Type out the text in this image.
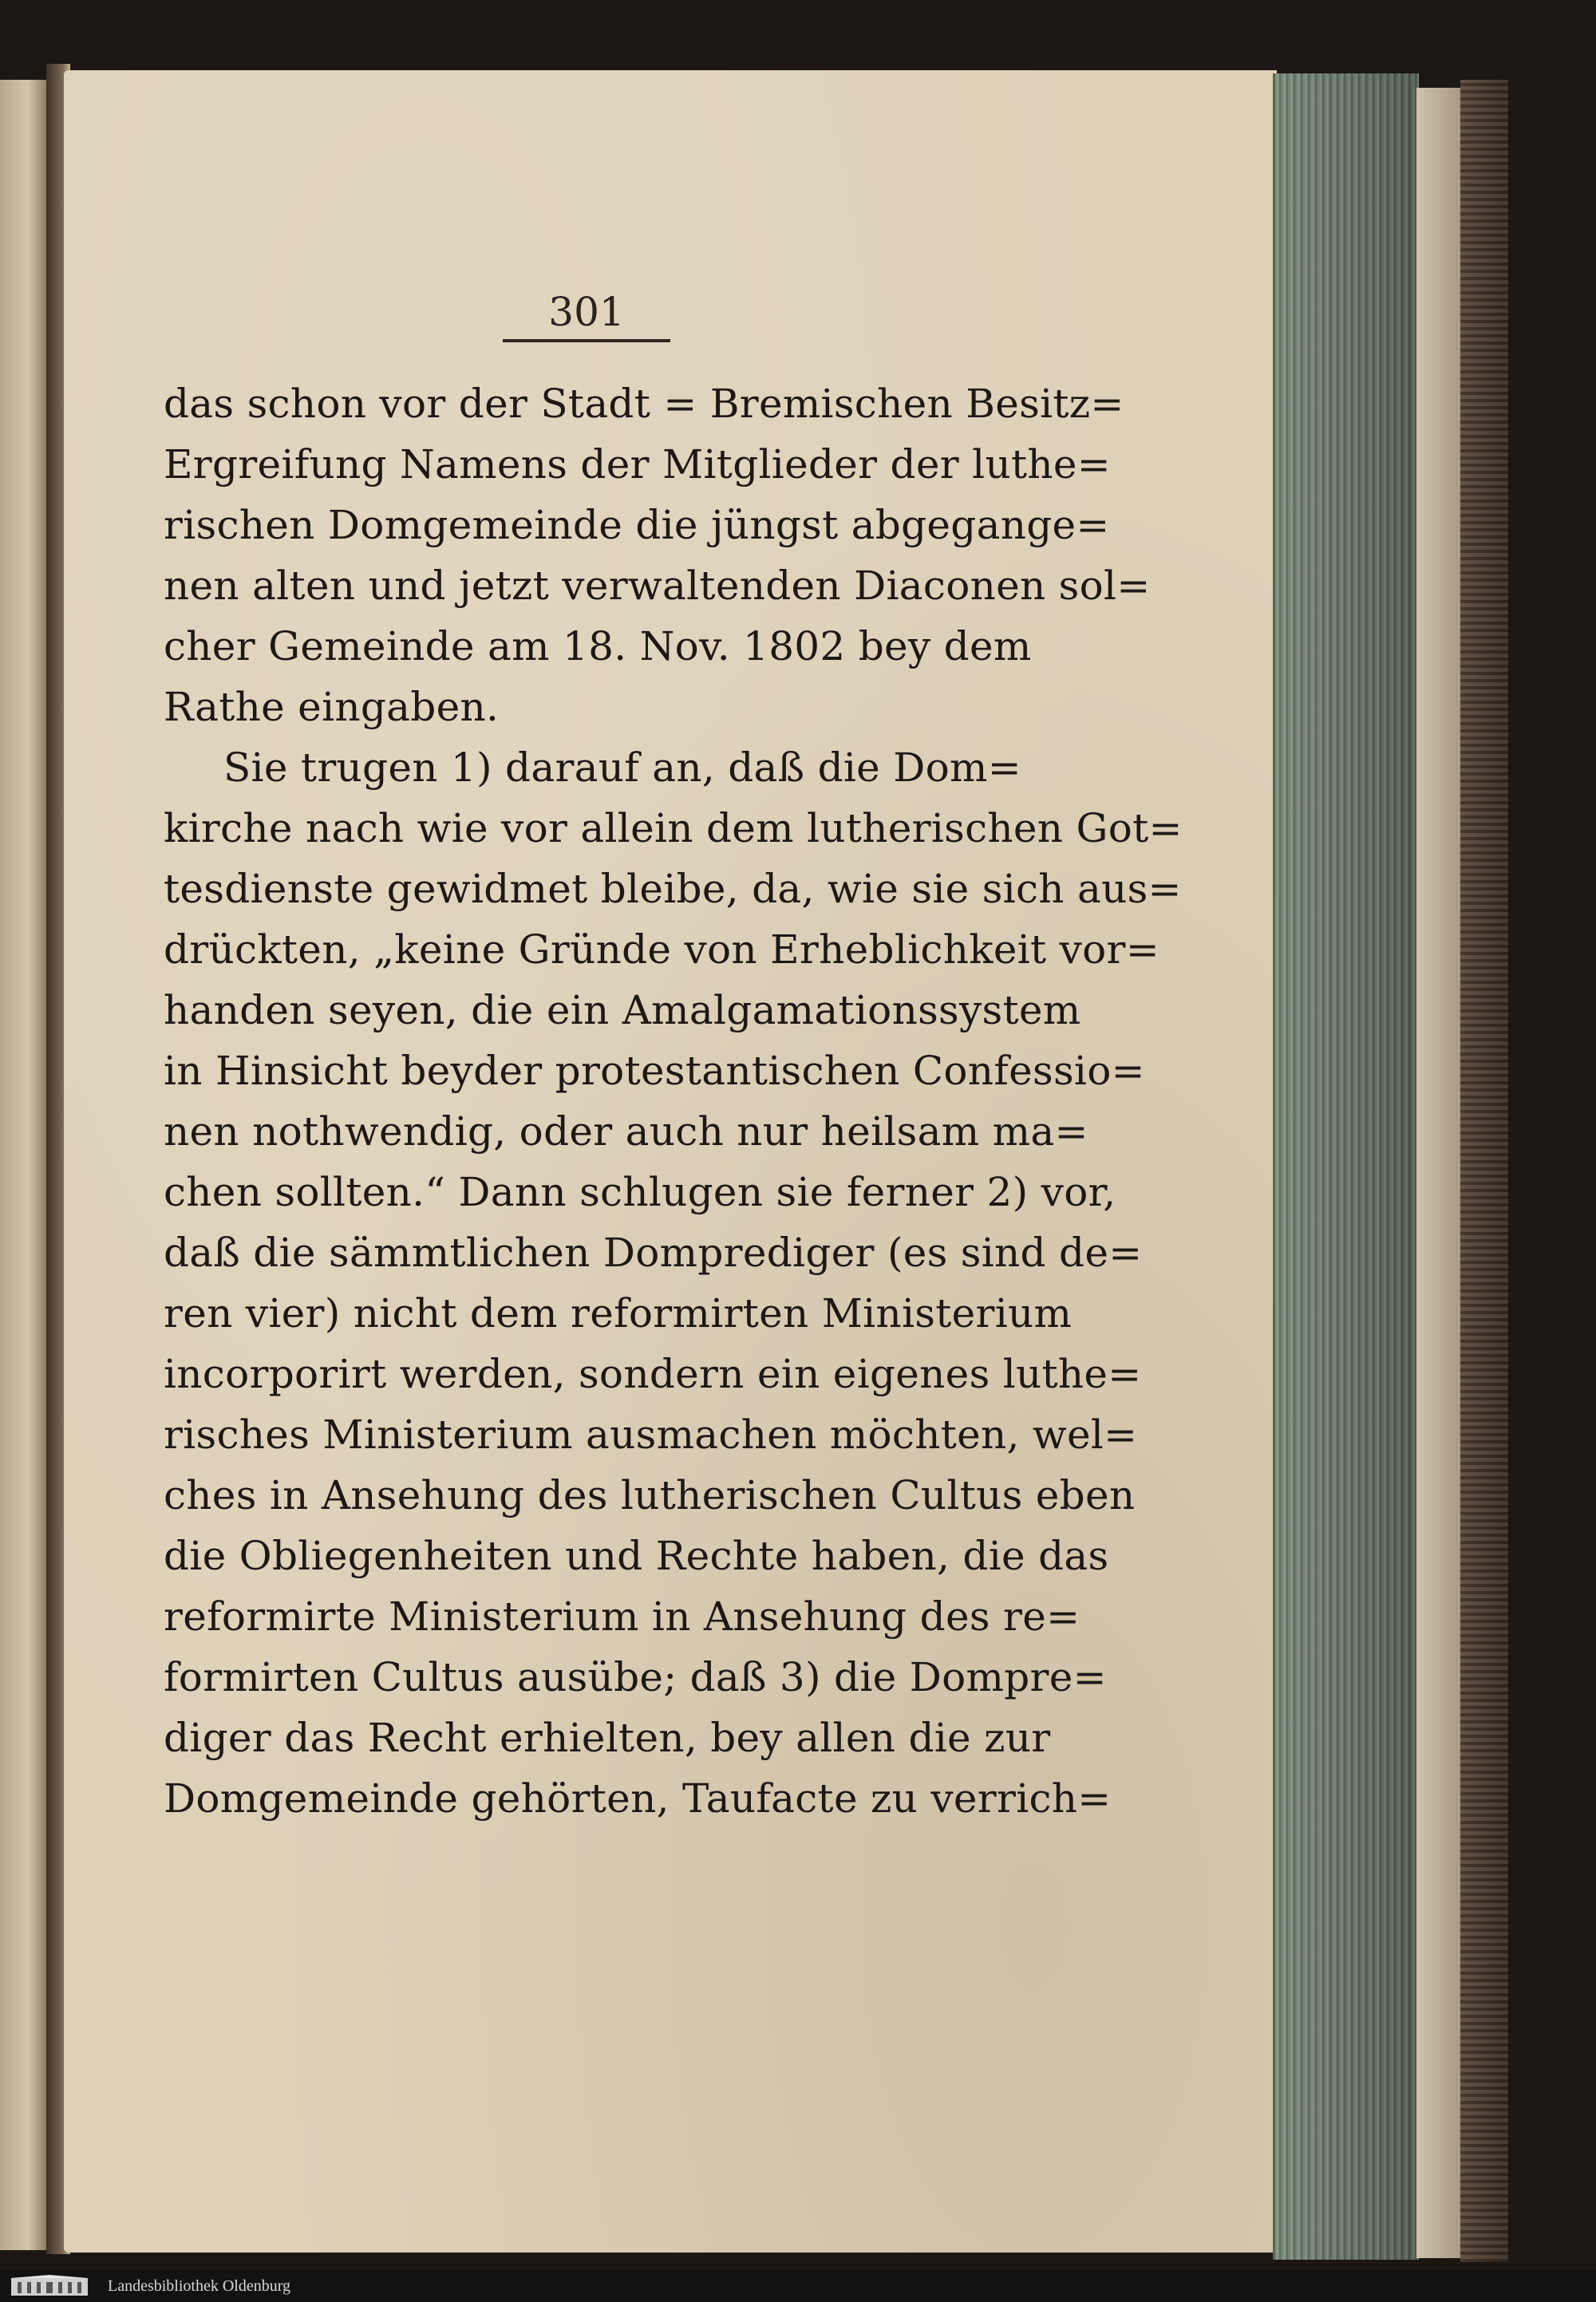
301
das schon vor der Stadt = Bremischen Besitz=
Ergreifung Namens der Mitglieder der luthe=
rischen Domgemeinde die jüngst abgegange=
nen alten und jetzt verwaltenden Diaconen sol=
cher Gemeinde am 18. Nov. 1802 bey dem
Rathe eingaben.
Sie trugen 1) darauf an, daß die Dom=
kirche nach wie vor allein dem lutherischen Got=
tesdienste gewidmet bleibe, da, wie sie sich aus=
drückten, „keine Gründe von Erheblichkeit vor=
handen seyen, die ein Amalgamationssystem
in Hinsicht beyder protestantischen Confessio=
nen nothwendig, oder auch nur heilsam ma=
chen sollten.“ Dann schlugen sie ferner 2) vor,
daß die sämmtlichen Domprediger (es sind de=
ren vier) nicht dem reformirten Ministerium
incorporirt werden, sondern ein eigenes luthe=
risches Ministerium ausmachen möchten, wel=
ches in Ansehung des lutherischen Cultus eben
die Obliegenheiten und Rechte haben, die das
reformirte Ministerium in Ansehung des re=
formirten Cultus ausübe; daß 3) die Dompre=
diger das Recht erhielten, bey allen die zur
Domgemeinde gehörten, Taufacte zu verrich=
Landesbibliothek Oldenburg
